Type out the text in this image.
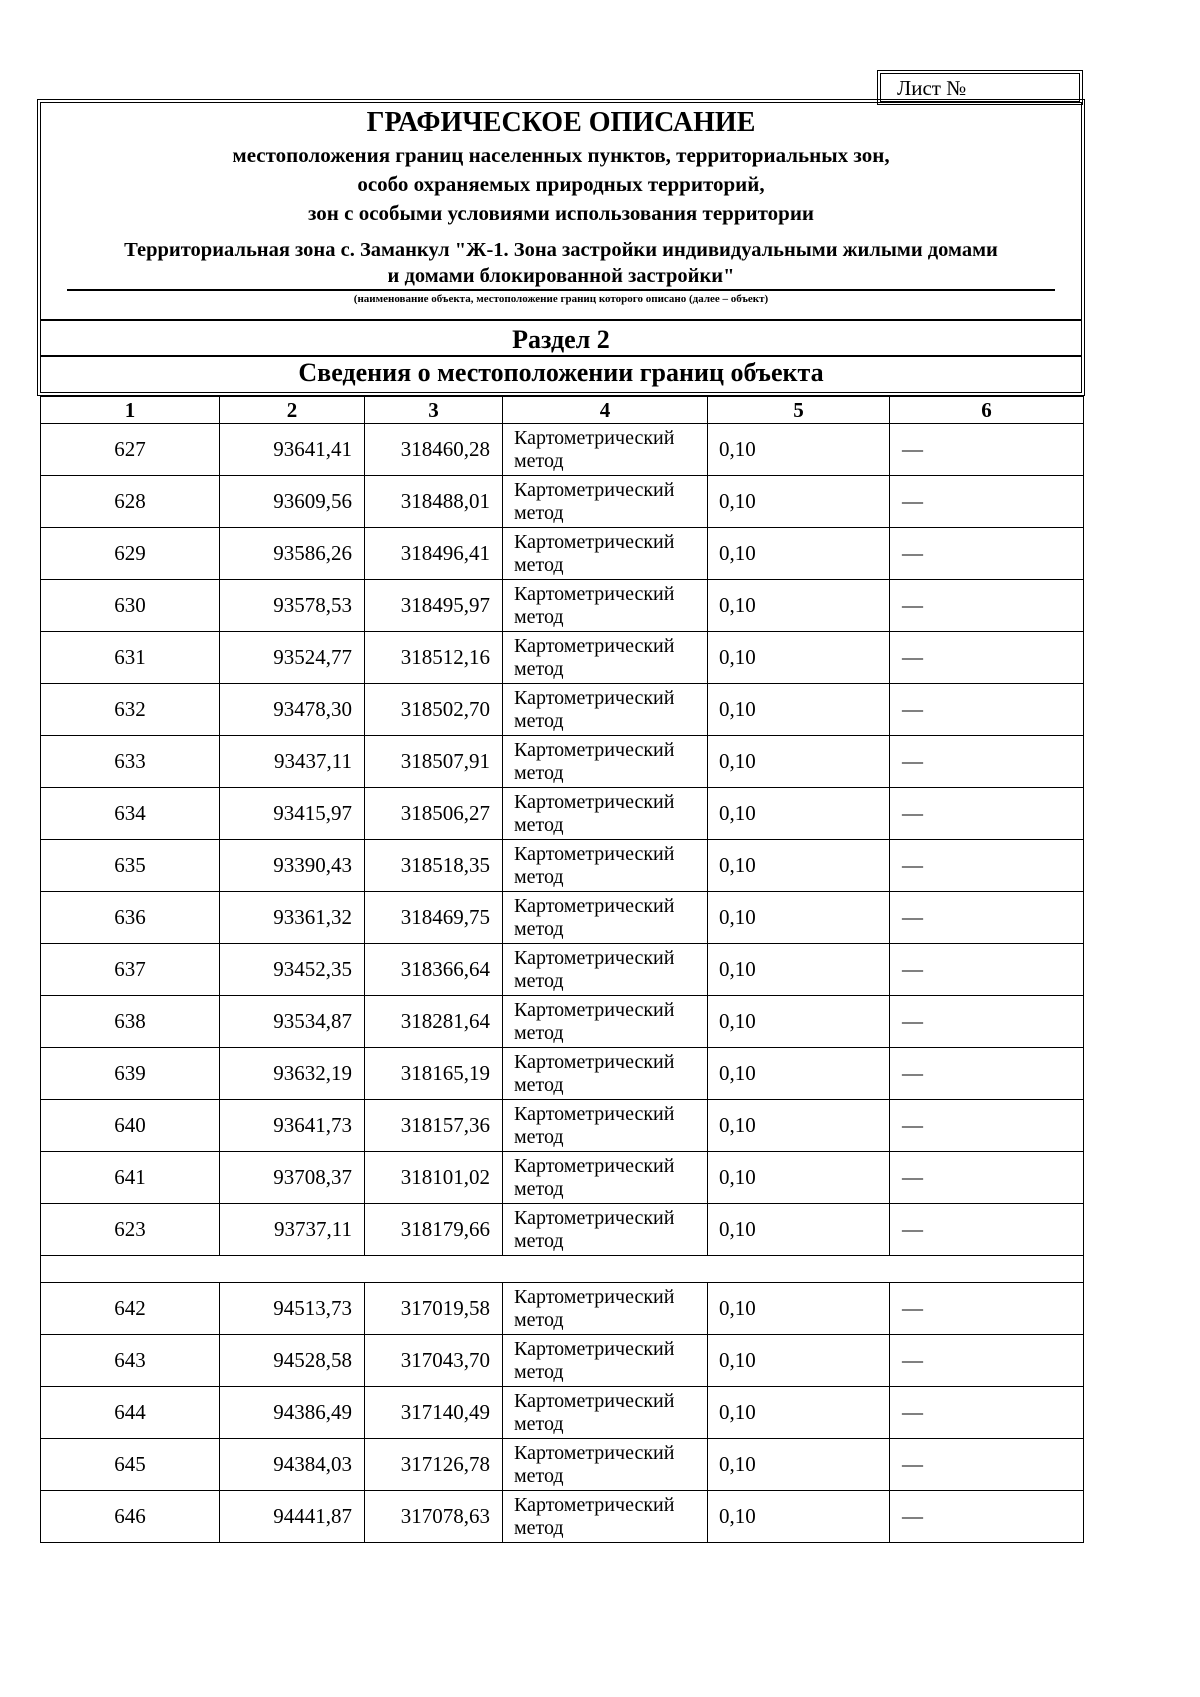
Лист №
ГРАФИЧЕСКОЕ ОПИСАНИЕ
местоположения границ населенных пунктов, территориальных зон,
особо охраняемых природных территорий,
зон с особыми условиями использования территории
Территориальная зона с. Заманкул "Ж-1. Зона застройки индивидуальными жилыми домами
и домами блокированной застройки"
(наименование объекта, местоположение границ которого описано (далее – объект)
Раздел 2
Сведения о местоположении границ объекта
1	2	3	4	5	6
627	93641,41	318460,28	Картометрический метод	0,10	—
628	93609,56	318488,01	Картометрический метод	0,10	—
629	93586,26	318496,41	Картометрический метод	0,10	—
630	93578,53	318495,97	Картометрический метод	0,10	—
631	93524,77	318512,16	Картометрический метод	0,10	—
632	93478,30	318502,70	Картометрический метод	0,10	—
633	93437,11	318507,91	Картометрический метод	0,10	—
634	93415,97	318506,27	Картометрический метод	0,10	—
635	93390,43	318518,35	Картометрический метод	0,10	—
636	93361,32	318469,75	Картометрический метод	0,10	—
637	93452,35	318366,64	Картометрический метод	0,10	—
638	93534,87	318281,64	Картометрический метод	0,10	—
639	93632,19	318165,19	Картометрический метод	0,10	—
640	93641,73	318157,36	Картометрический метод	0,10	—
641	93708,37	318101,02	Картометрический метод	0,10	—
623	93737,11	318179,66	Картометрический метод	0,10	—

642	94513,73	317019,58	Картометрический метод	0,10	—
643	94528,58	317043,70	Картометрический метод	0,10	—
644	94386,49	317140,49	Картометрический метод	0,10	—
645	94384,03	317126,78	Картометрический метод	0,10	—
646	94441,87	317078,63	Картометрический метод	0,10	—
